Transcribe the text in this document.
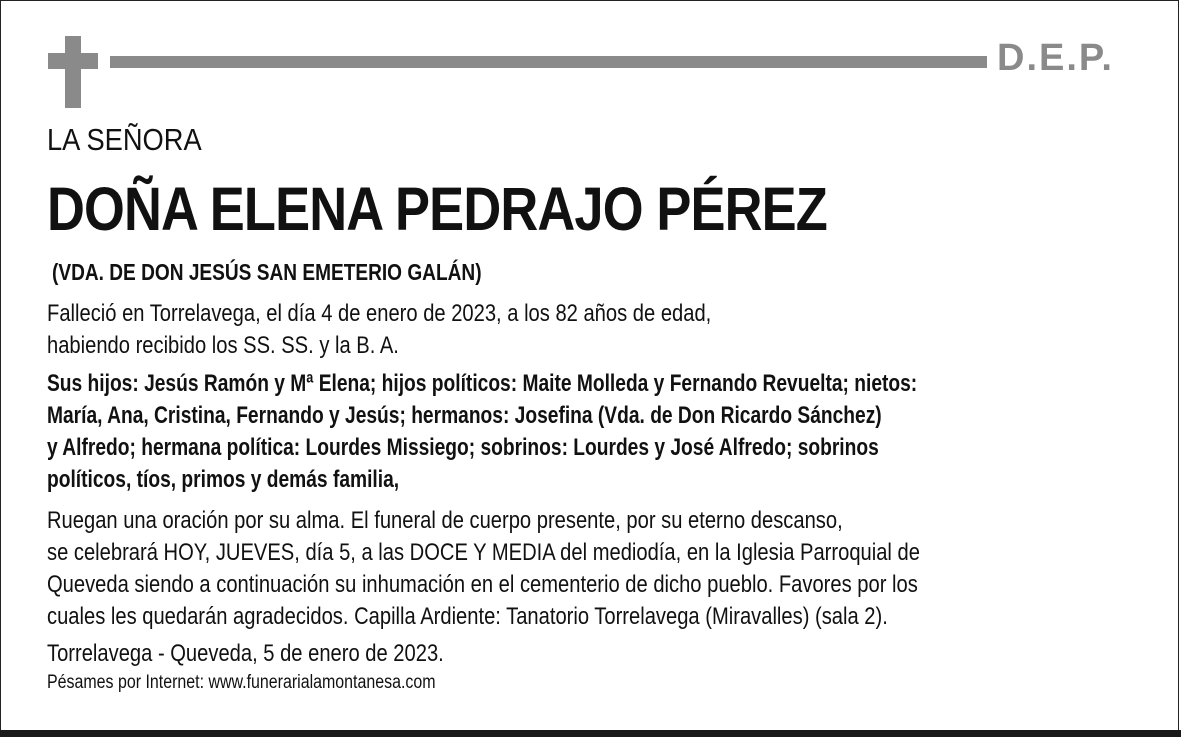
D.E.P.
LA SEÑORA
DOÑA ELENA PEDRAJO PÉREZ
(VDA. DE DON JESÚS SAN EMETERIO GALÁN)
Falleció en Torrelavega, el día 4 de enero de 2023, a los 82 años de edad,
habiendo recibido los SS. SS. y la B. A.
Sus hijos: Jesús Ramón y Mª Elena; hijos políticos: Maite Molleda y Fernando Revuelta; nietos:
María, Ana, Cristina, Fernando y Jesús; hermanos: Josefina (Vda. de Don Ricardo Sánchez)
y Alfredo; hermana política: Lourdes Missiego; sobrinos: Lourdes y José Alfredo; sobrinos
políticos, tíos, primos y demás familia,
Ruegan una oración por su alma. El funeral de cuerpo presente, por su eterno descanso,
se celebrará HOY, JUEVES, día 5, a las DOCE Y MEDIA del mediodía, en la Iglesia Parroquial de
Queveda siendo a continuación su inhumación en el cementerio de dicho pueblo. Favores por los
cuales les quedarán agradecidos. Capilla Ardiente: Tanatorio Torrelavega (Miravalles) (sala 2).
Torrelavega - Queveda, 5 de enero de 2023.
Pésames por Internet: www.funerarialamontanesa.com
